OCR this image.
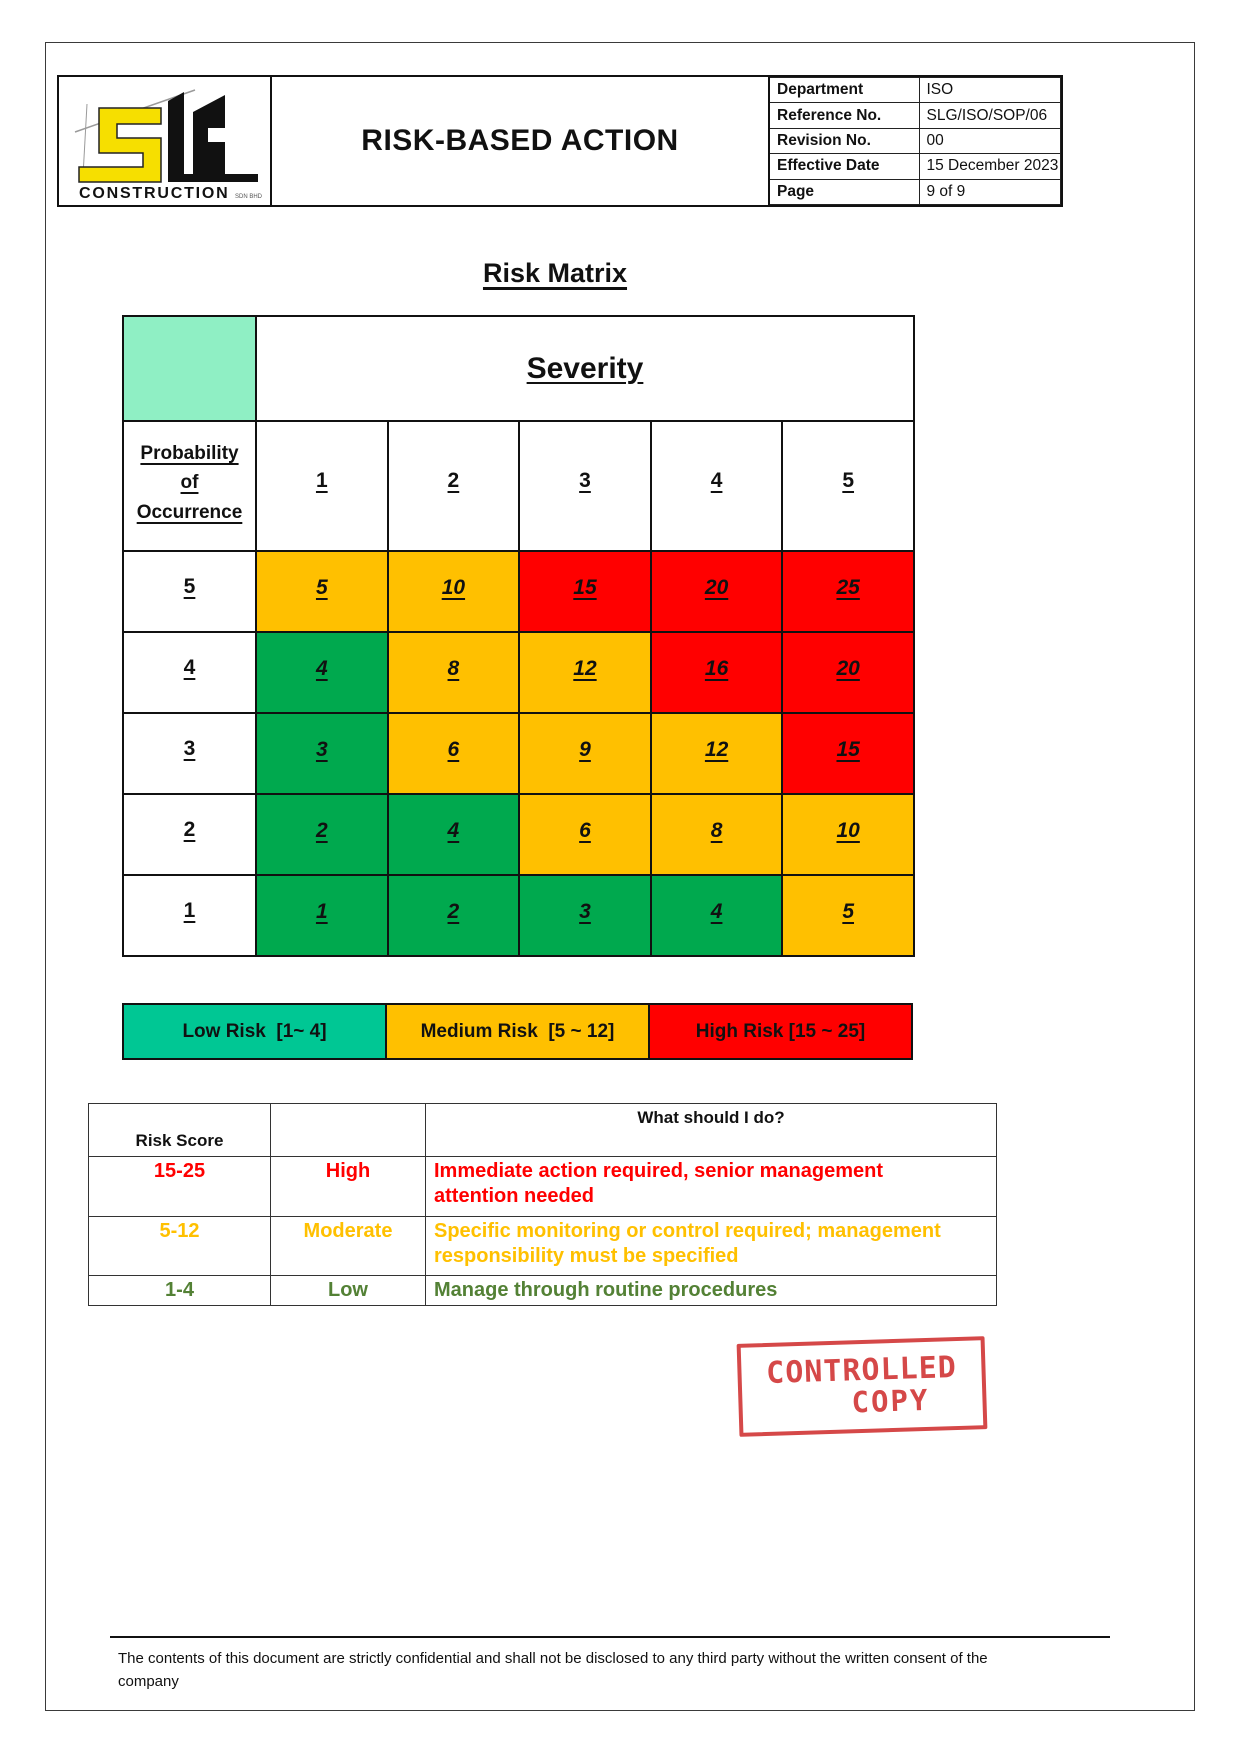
CONSTRUCTION SDN BHD
RISK-BASED ACTION
Department	ISO
Reference No.	SLG/ISO/SOP/06
Revision No.	00
Effective Date	15 December 2023
Page	9 of 9
Risk Matrix
	Severity				

Probability
of
Occurrence	1	2	3	4	5
5	5	10	15	20	25
4	4	8	12	16	20
3	3	6	9	12	15
2	2	4	6	8	10
1	1	2	3	4	5
Low Risk  [1~ 4]	Medium Risk  [5 ~ 12]	High Risk [15 ~ 25]
Risk Score		What should I do?
15-25	High	Immediate action required, senior management
attention needed

5-12	Moderate	Specific monitoring or control required; management
responsibility must be specified

1-4	Low	Manage through routine procedures
CONTROLLED
COPY
The contents of this document are strictly confidential and shall not be disclosed to any third party without the written consent of the
company
